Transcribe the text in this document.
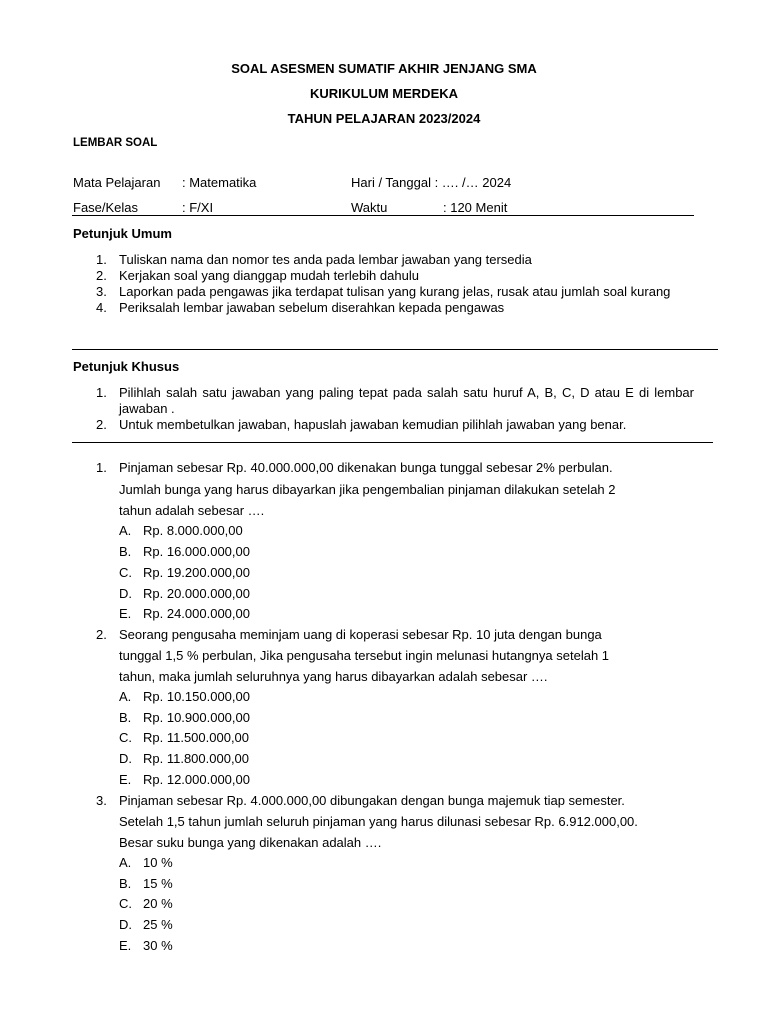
SOAL ASESMEN SUMATIF AKHIR JENJANG SMA
KURIKULUM MERDEKA
TAHUN PELAJARAN 2023/2024
LEMBAR SOAL
Mata Pelajaran : Matematika	Hari / Tanggal : …. /… 2024
Fase/Kelas	: F/XI	Waktu	: 120 Menit
Petunjuk Umum
1. Tuliskan nama dan nomor tes anda pada lembar jawaban yang tersedia
2. Kerjakan soal yang dianggap mudah terlebih dahulu
3. Laporkan pada pengawas jika terdapat tulisan yang kurang jelas, rusak atau jumlah soal kurang
4. Periksalah lembar jawaban sebelum diserahkan kepada pengawas
Petunjuk Khusus
1. Pilihlah salah satu jawaban yang paling tepat pada salah satu huruf A, B, C, D atau E di lembar jawaban .
2. Untuk membetulkan jawaban, hapuslah jawaban kemudian pilihlah jawaban yang benar.
1. Pinjaman sebesar Rp. 40.000.000,00 dikenakan bunga tunggal sebesar 2% perbulan.
Jumlah bunga yang harus dibayarkan jika pengembalian pinjaman dilakukan setelah 2
tahun adalah sebesar ….
A. Rp. 8.000.000,00
B. Rp. 16.000.000,00
C. Rp. 19.200.000,00
D. Rp. 20.000.000,00
E. Rp. 24.000.000,00
2. Seorang pengusaha meminjam uang di koperasi sebesar Rp. 10 juta dengan bunga
tunggal 1,5 % perbulan, Jika pengusaha tersebut ingin melunasi hutangnya setelah 1
tahun, maka jumlah seluruhnya yang harus dibayarkan adalah sebesar ….
A. Rp. 10.150.000,00
B. Rp. 10.900.000,00
C. Rp. 11.500.000,00
D. Rp. 11.800.000,00
E. Rp. 12.000.000,00
3. Pinjaman sebesar Rp. 4.000.000,00 dibungakan dengan bunga majemuk tiap semester.
Setelah 1,5 tahun jumlah seluruh pinjaman yang harus dilunasi sebesar Rp. 6.912.000,00.
Besar suku bunga yang dikenakan adalah ….
A. 10 %
B. 15 %
C. 20 %
D. 25 %
E. 30 %
